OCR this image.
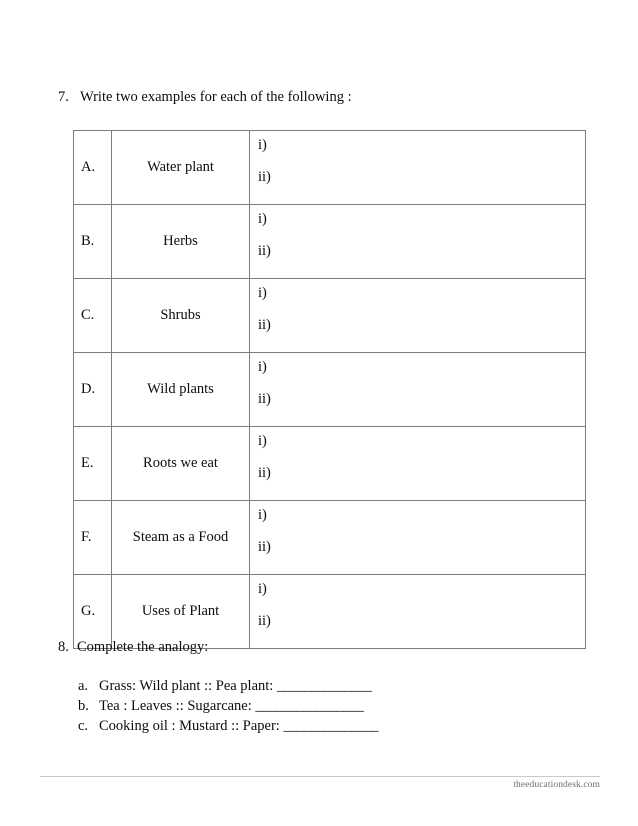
7. Write two examples for each of the following :
A.	Water plant	i)
ii)

B.	Herbs	i)
ii)

C.	Shrubs	i)
ii)

D.	Wild plants	i)
ii)

E.	Roots we eat	i)
ii)

F.	Steam as a Food	i)
ii)

G.	Uses of Plant	i)
ii)
8. Complete the analogy:
a. Grass: Wild plant :: Pea plant: ______________
b. Tea : Leaves :: Sugarcane: ________________
c. Cooking oil : Mustard :: Paper: ______________
theeducationdesk.com
